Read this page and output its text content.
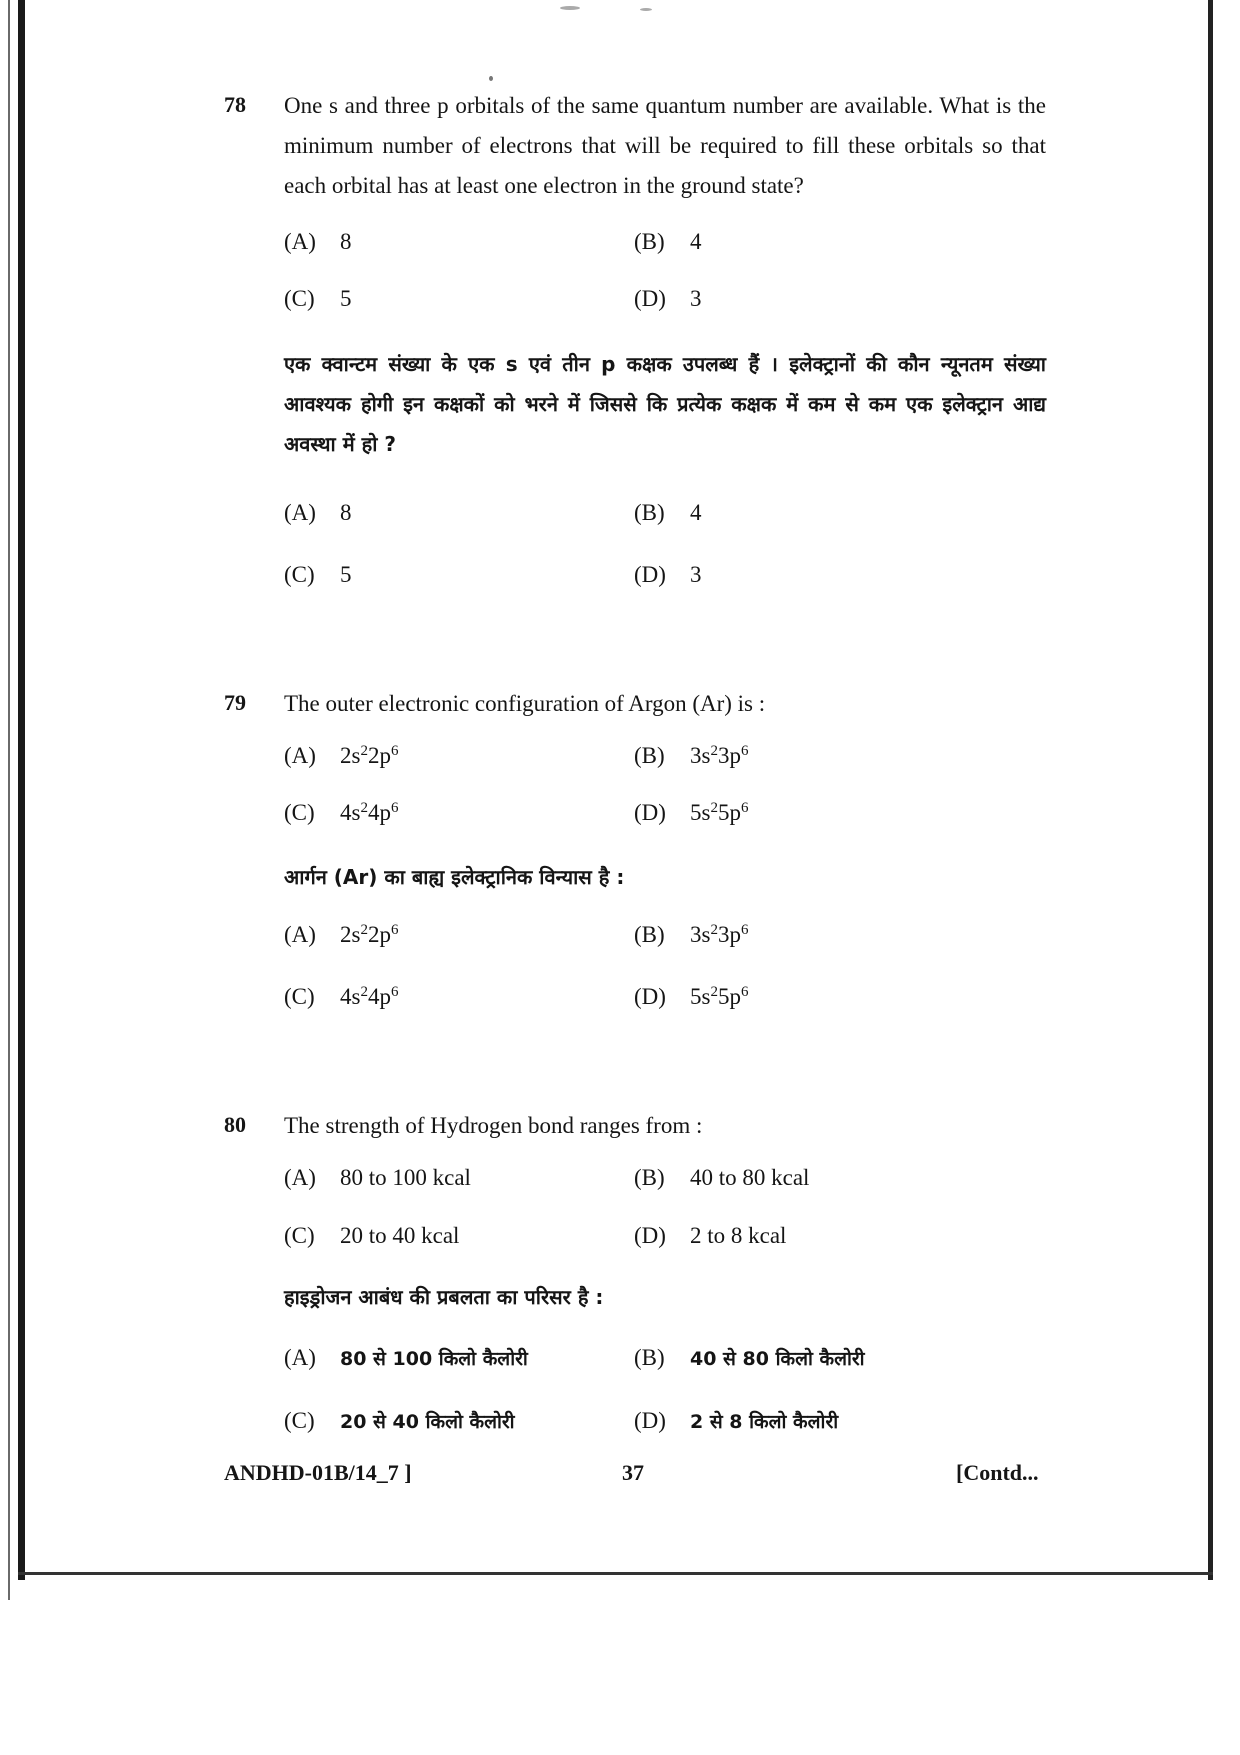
78 One s and three p orbitals of the same quantum number are available. What is the minimum number of electrons that will be required to fill these orbitals so that each orbital has at least one electron in the ground state?
(A) 8	(B) 4
(C) 5	(D) 3
एक क्वान्टम संख्या के एक s एवं तीन p कक्षक उपलब्ध हैं । इलेक्ट्रानों की कौन न्यूनतम संख्या आवश्यक होगी इन कक्षकों को भरने में जिससे कि प्रत्येक कक्षक में कम से कम एक इलेक्ट्रान आद्य अवस्था में हो ?
(A) 8	(B) 4
(C) 5	(D) 3
79 The outer electronic configuration of Argon (Ar) is :
(A) $2s^22p^6$	(B) $3s^23p^6$
(C) $4s^24p^6$	(D) $5s^25p^6$
आर्गन (Ar) का बाह्य इलेक्ट्रानिक विन्यास है :
(A) $2s^22p^6$	(B) $3s^23p^6$
(C) $4s^24p^6$	(D) $5s^25p^6$
80 The strength of Hydrogen bond ranges from :
(A) 80 to 100 kcal	(B) 40 to 80 kcal
(C) 20 to 40 kcal	(D) 2 to 8 kcal
हाइड्रोजन आबंध की प्रबलता का परिसर है :
(A) 80 से 100 किलो कैलोरी	(B) 40 से 80 किलो कैलोरी
(C) 20 से 40 किलो कैलोरी	(D) 2 से 8 किलो कैलोरी
ANDHD-01B/14_7 ]	37	[Contd...
